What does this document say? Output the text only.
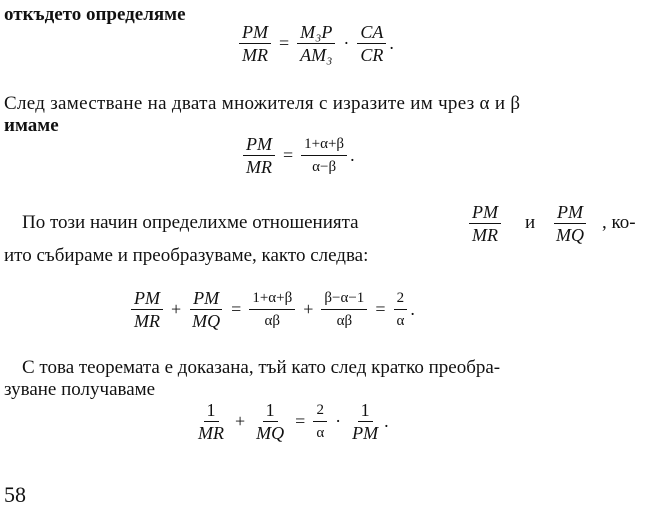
откъдето определяме
$\frac{PM}{MR} = \frac{\text{M₃P}}{\text{AM₃}} \cdot \frac{CA}{CR}$ .
След заместване на двата множителя с изразите им чрез α и β
имаме
$\frac{PM}{MR} = \frac{1+\alpha+\beta}{\alpha-\beta}$ .
По този начин определихме отношенията	$\frac{PM}{MR}$ и $\frac{PM}{MQ}$ , ко-
ито събираме и преобразуваме, както следва:
$\frac{PM}{MR} + \frac{PM}{MQ} = \frac{1+\alpha+\beta}{\alpha\beta} + \frac{\beta-\alpha-1}{\alpha\beta} = \frac{2}{\alpha}$ .
С това теоремата е доказана, тъй като след кратко преобра-
зуване получаваме
$\frac{1}{MR} + \frac{1}{MQ} = \frac{2}{\alpha} \cdot \frac{1}{PM}$ .
58
